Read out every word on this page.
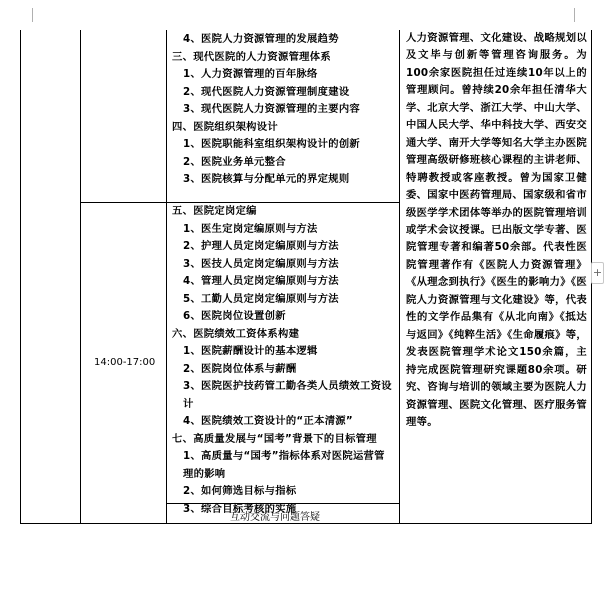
14:00-17:00
4、医院人力资源管理的发展趋势
三、现代医院的人力资源管理体系
1、人力资源管理的百年脉络
2、现代医院人力资源管理制度建设
3、现代医院人力资源管理的主要内容
四、医院组织架构设计
1、医院职能科室组织架构设计的创新
2、医院业务单元整合
3、医院核算与分配单元的界定规则
五、医院定岗定编
1、医生定岗定编原则与方法
2、护理人员定岗定编原则与方法
3、医技人员定岗定编原则与方法
4、管理人员定岗定编原则与方法
5、工勤人员定岗定编原则与方法
6、医院岗位设置创新
六、医院绩效工资体系构建
1、医院薪酬设计的基本逻辑
2、医院岗位体系与薪酬
3、医院医护技药管工勤各类人员绩效工资设计
4、医院绩效工资设计的“正本清源”
七、高质量发展与“国考”背景下的目标管理
1、高质量与“国考”指标体系对医院运营管理的影响
2、如何筛选目标与指标
3、综合目标考核的实施
互动交流与问题答疑
人力资源管理、文化建设、战略规划以及文毕与创新等管理咨询服务。为100余家医院担任过连续10年以上的管理顾问。曾持续20余年担任清华大学、北京大学、浙江大学、中山大学、中国人民大学、华中科技大学、西安交通大学、南开大学等知名大学主办医院管理高级研修班核心课程的主讲老师、特聘教授或客座教授。曾为国家卫健委、国家中医药管理局、国家级和省市级医学学术团体等举办的医院管理培训或学术会议授课。已出版文学专著、医院管理专著和编著50余部。代表性医院管理著作有《医院人力资源管理》《从理念到执行》《医生的影响力》《医院人力资源管理与文化建设》等，代表性的文学作品集有《从北向南》《抵达与返回》《纯粹生活》《生命履痕》等，发表医院管理学术论文150余篇，主持完成医院管理研究课题80余项。研究、咨询与培训的领域主要为医院人力资源管理、医院文化管理、医疗服务管理等。
+
